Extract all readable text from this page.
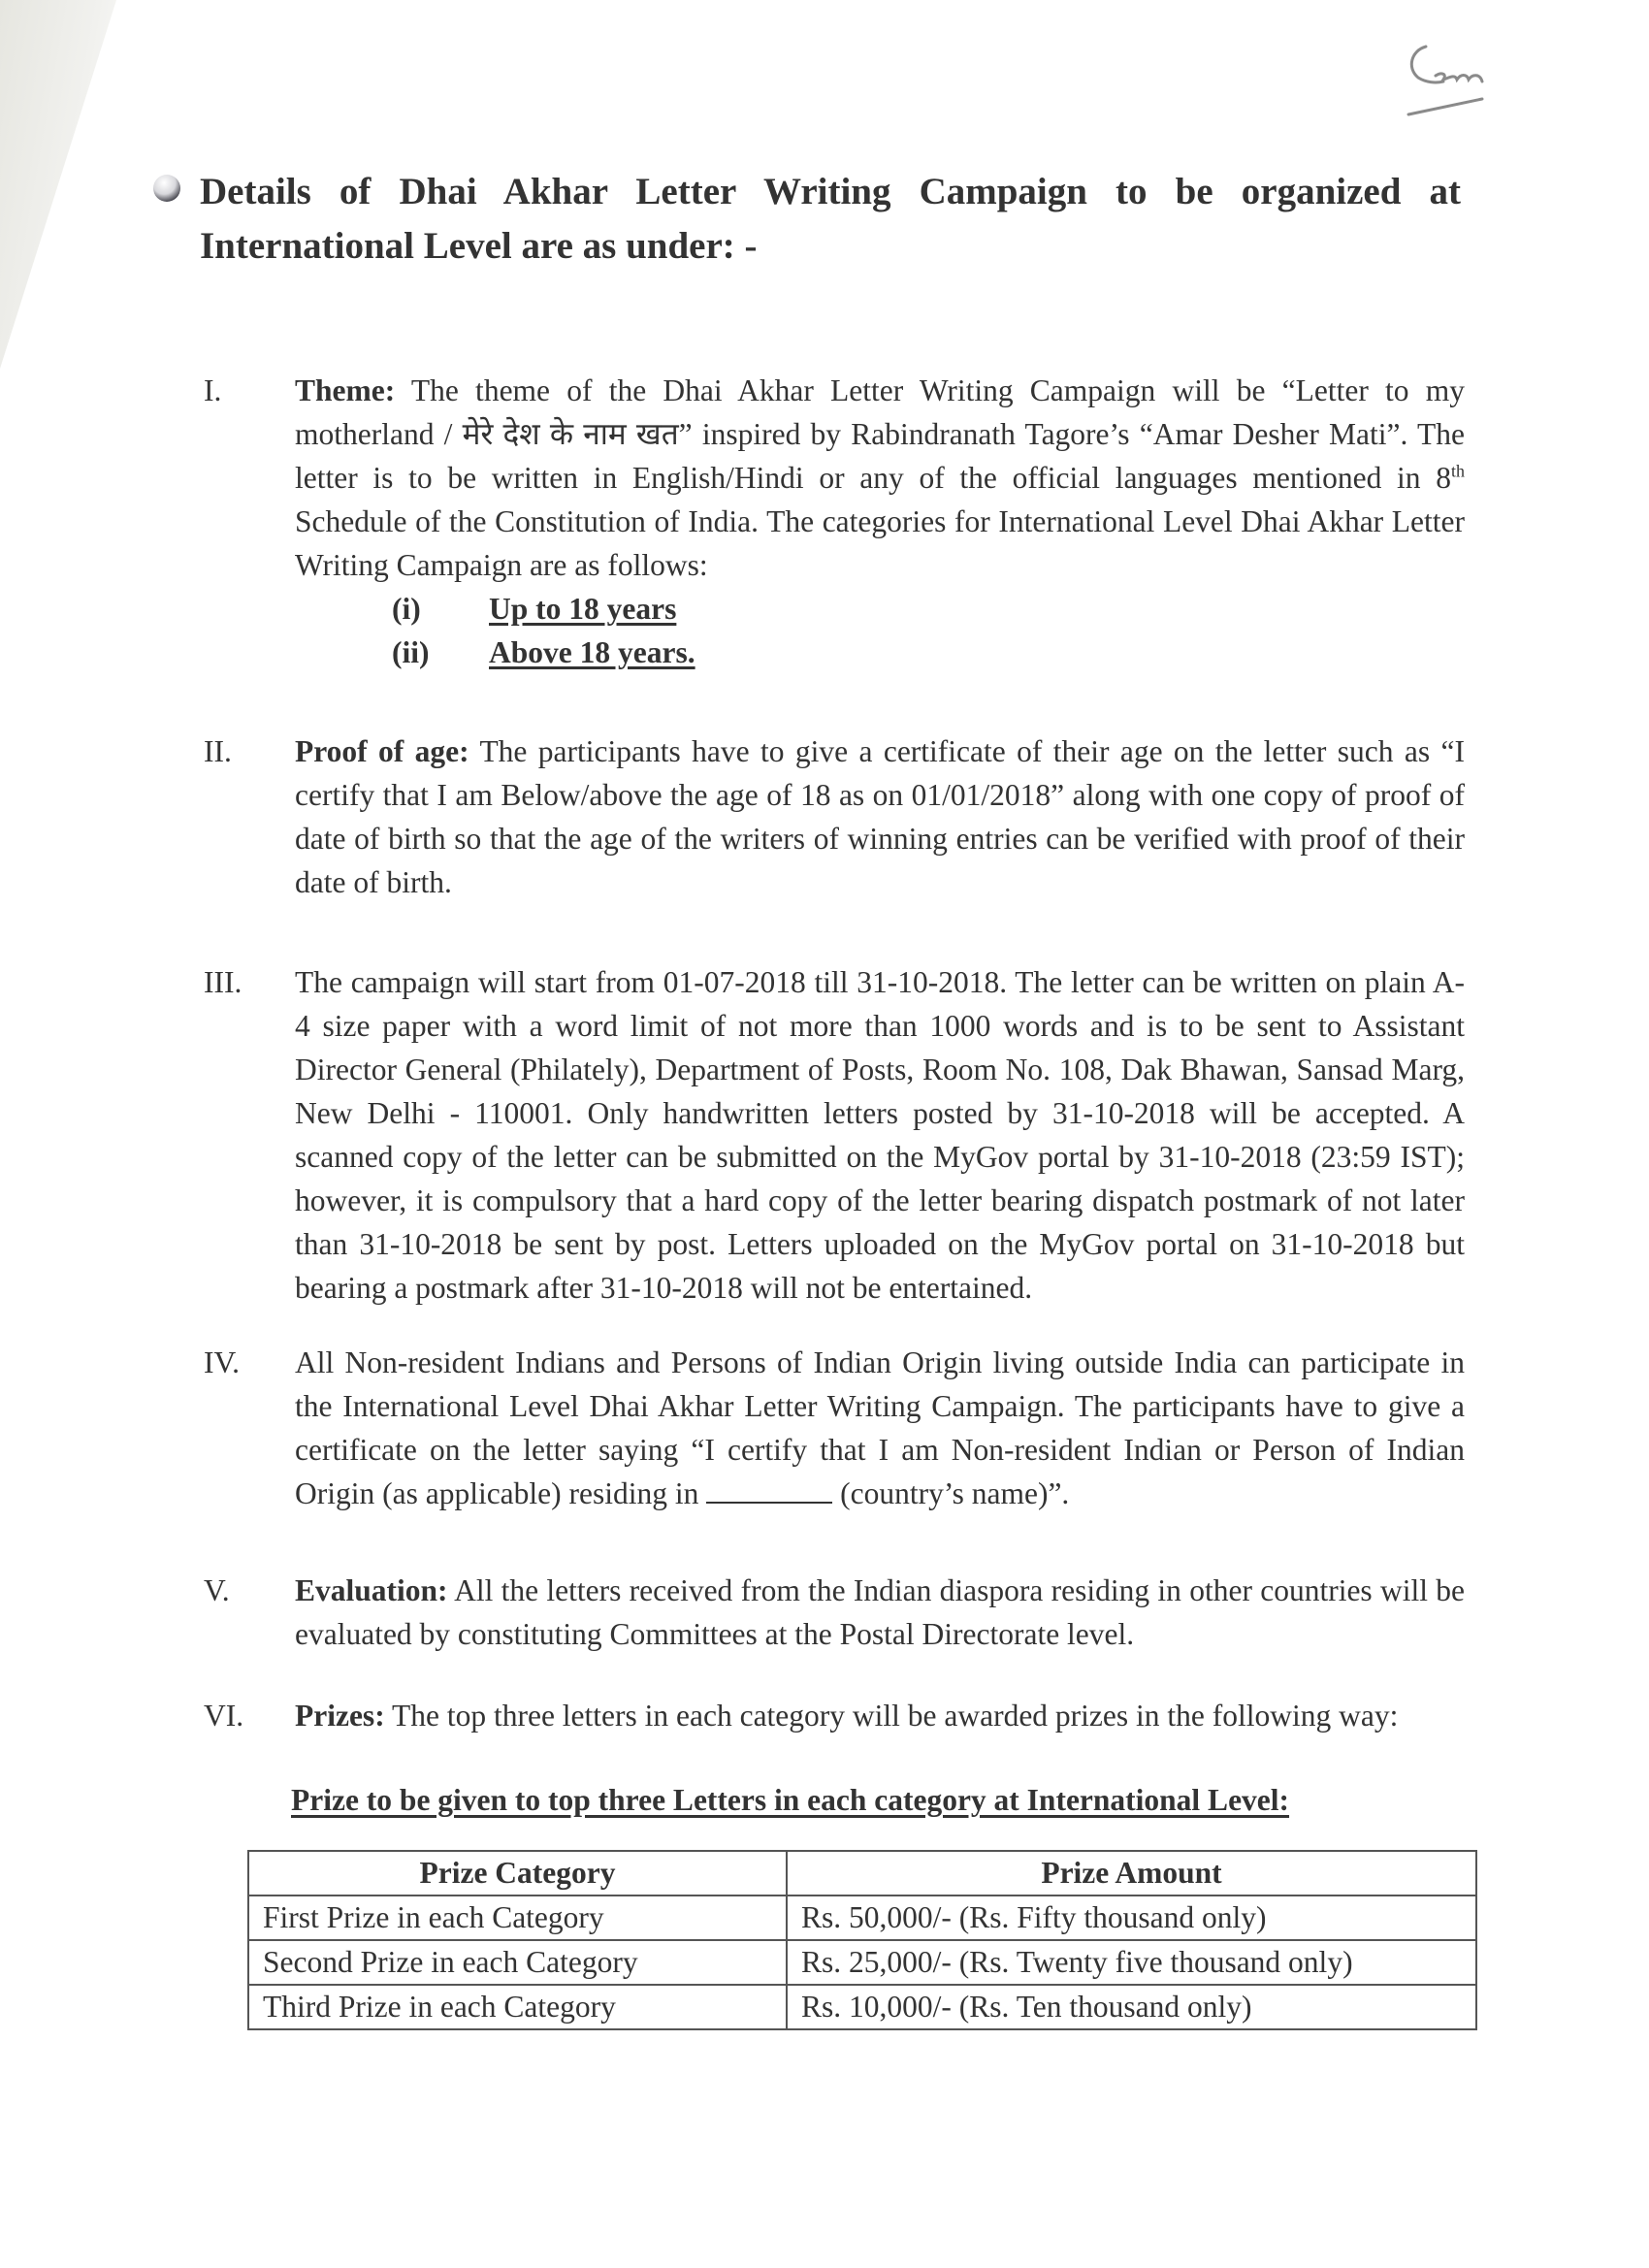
Details of Dhai Akhar Letter Writing Campaign to be organized at International Level are as under: -
I.	Theme: The theme of the Dhai Akhar Letter Writing Campaign will be “Letter to my motherland / मेरे देश के नाम खत” inspired by Rabindranath Tagore’s “Amar Desher Mati”. The letter is to be written in English/Hindi or any of the official languages mentioned in 8th Schedule of the Constitution of India. The categories for International Level Dhai Akhar Letter Writing Campaign are as follows:
(i)	Up to 18 years
(ii)	Above 18 years.
II.	Proof of age: The participants have to give a certificate of their age on the letter such as “I certify that I am Below/above the age of 18 as on 01/01/2018” along with one copy of proof of date of birth so that the age of the writers of winning entries can be verified with proof of their date of birth.
III.	The campaign will start from 01-07-2018 till 31-10-2018. The letter can be written on plain A-4 size paper with a word limit of not more than 1000 words and is to be sent to Assistant Director General (Philately), Department of Posts, Room No. 108, Dak Bhawan, Sansad Marg, New Delhi - 110001. Only handwritten letters posted by 31-10-2018 will be accepted. A scanned copy of the letter can be submitted on the MyGov portal by 31-10-2018 (23:59 IST); however, it is compulsory that a hard copy of the letter bearing dispatch postmark of not later than 31-10-2018 be sent by post. Letters uploaded on the MyGov portal on 31-10-2018 but bearing a postmark after 31-10-2018 will not be entertained.
IV.	All Non-resident Indians and Persons of Indian Origin living outside India can participate in the International Level Dhai Akhar Letter Writing Campaign. The participants have to give a certificate on the letter saying “I certify that I am Non-resident Indian or Person of Indian Origin (as applicable) residing in	(country’s name)”.
V.	Evaluation: All the letters received from the Indian diaspora residing in other countries will be evaluated by constituting Committees at the Postal Directorate level.
VI.	Prizes: The top three letters in each category will be awarded prizes in the following way:
Prize to be given to top three Letters in each category at International Level:
Prize Category	Prize Amount
First Prize in each Category	Rs. 50,000/- (Rs. Fifty thousand only)
Second Prize in each Category	Rs. 25,000/- (Rs. Twenty five thousand only)
Third Prize in each Category	Rs. 10,000/- (Rs. Ten thousand only)
